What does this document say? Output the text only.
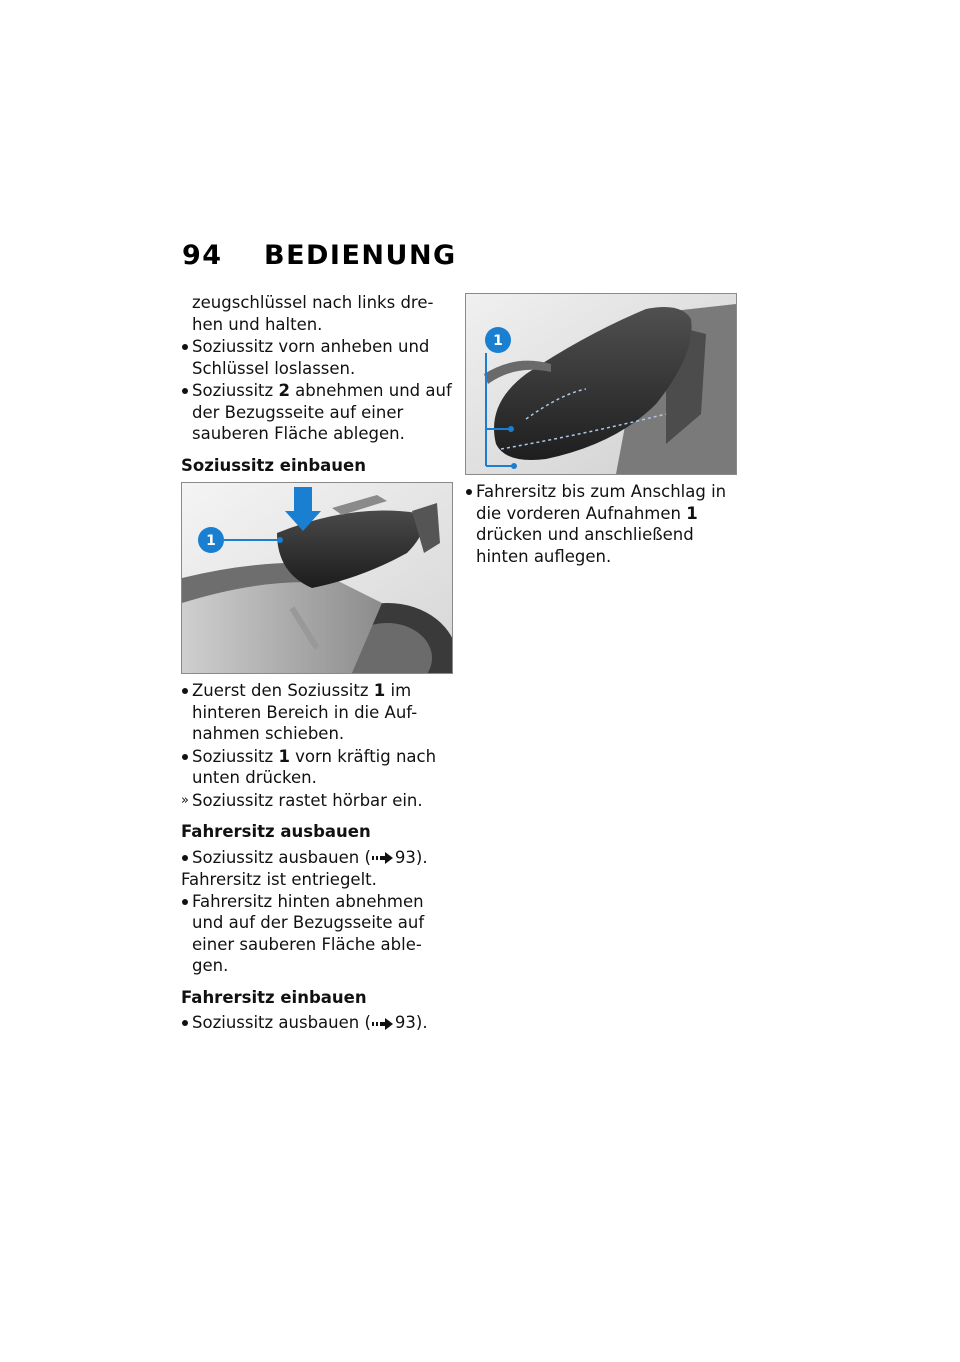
94	BEDIENUNG
zeugschlüssel nach links dre-hen und halten.
Soziussitz vorn anheben und Schlüssel loslassen.
Soziussitz 2 abnehmen und auf der Bezugsseite auf einer sauberen Fläche ablegen.
Soziussitz einbauen
1
Zuerst den Soziussitz 1 im hinteren Bereich in die Auf-nahmen schieben.
Soziussitz 1 vorn kräftig nach unten drücken.
» Soziussitz rastet hörbar ein.
Fahrersitz ausbauen
Soziussitz ausbauen ( 93).
Fahrersitz ist entriegelt.
Fahrersitz hinten abnehmen und auf der Bezugsseite auf einer sauberen Fläche able-gen.
Fahrersitz einbauen
Soziussitz ausbauen ( 93).
1
Fahrersitz bis zum Anschlag in die vorderen Aufnahmen 1 drücken und anschließend hinten auflegen.
